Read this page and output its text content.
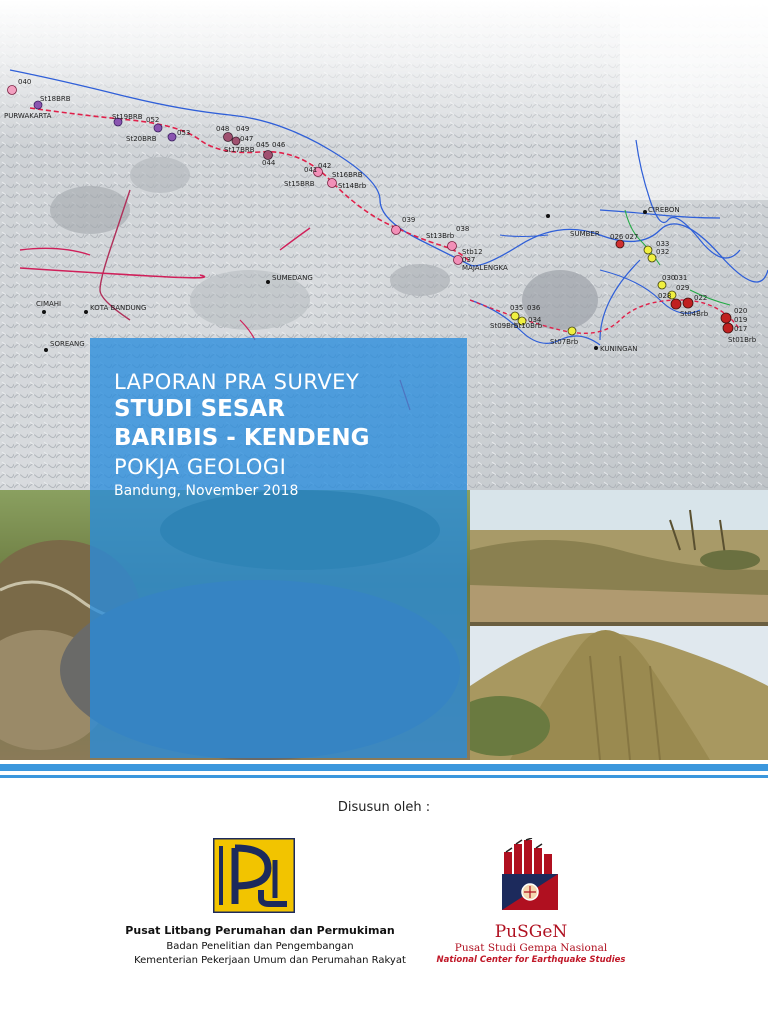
PURWAKARTA
CIREBON
SUMBER
SUMEDANG
MAJALENGKA
CIMAHI	KOTA BANDUNG
SOREANG
KUNINGAN
040
St18BRB
St19BRB 052
053
St20BRB
048 049
047
St17BRB
045 046
044
041 042
St16BRB
St15BRB	St14Brb
039
St13Brb
038
Stb12
037
035 036
034
St09Brb
St10Brb
026 027
St07Brb
033
032
030
031
029
028	022
St04Brb	020
019
017
St01Brb
LAPORAN PRA SURVEY
STUDI SESAR
BARIBIS - KENDENG
POKJA GEOLOGI
Bandung, November 2018
Disusun oleh :
Pusat Litbang Perumahan dan Permukiman
Badan Penelitian dan Pengembangan
Kementerian Pekerjaan Umum dan Perumahan Rakyat
PuSGeN
Pusat Studi Gempa Nasional
National Center for Earthquake Studies
